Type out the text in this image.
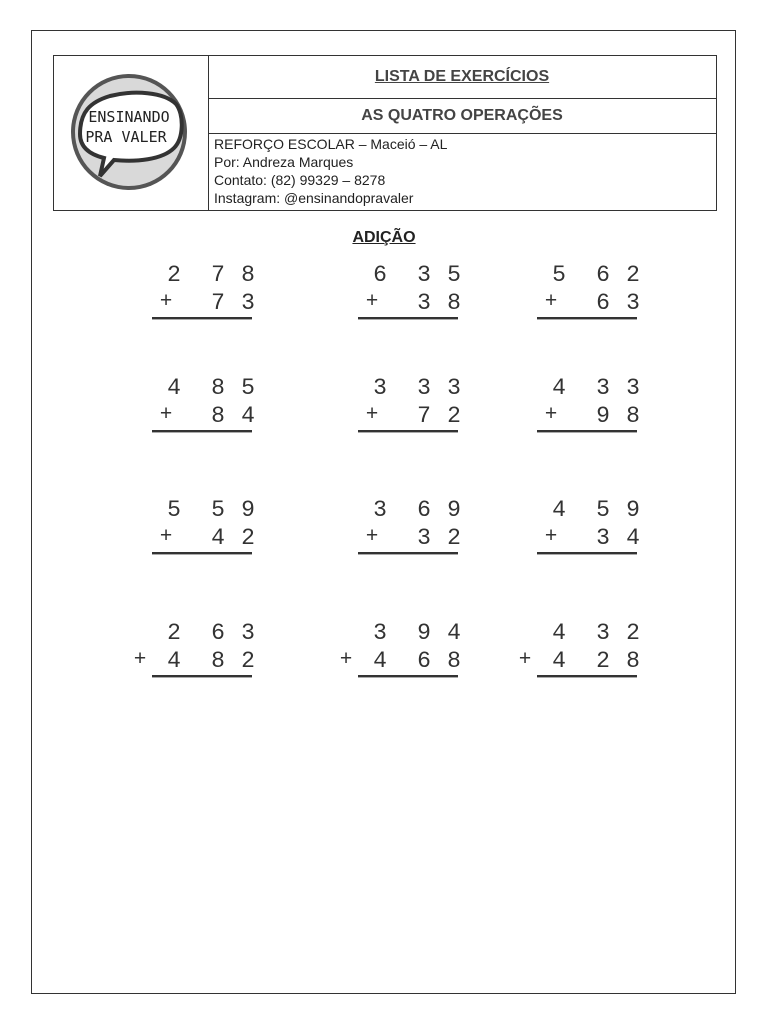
ENSINANDO
PRA VALER
LISTA DE EXERCÍCIOS
AS QUATRO OPERAÇÕES
REFORÇO ESCOLAR – Maceió – AL
Por: Andreza Marques
Contato: (82) 99329 – 8278
Instagram: @ensinandopravaler
ADIÇÃO
2 7 8
+ 7 3
6 3 5
+ 3 8
5 6 2
+ 6 3
4 8 5
+ 8 4
3 3 3
+ 7 2
4 3 3
+ 9 8
5 5 9
+ 4 2
3 6 9
+ 3 2
4 5 9
+ 3 4
2 6 3
+ 4 8 2
3 9 4
+ 4 6 8
4 3 2
+ 4 2 8
